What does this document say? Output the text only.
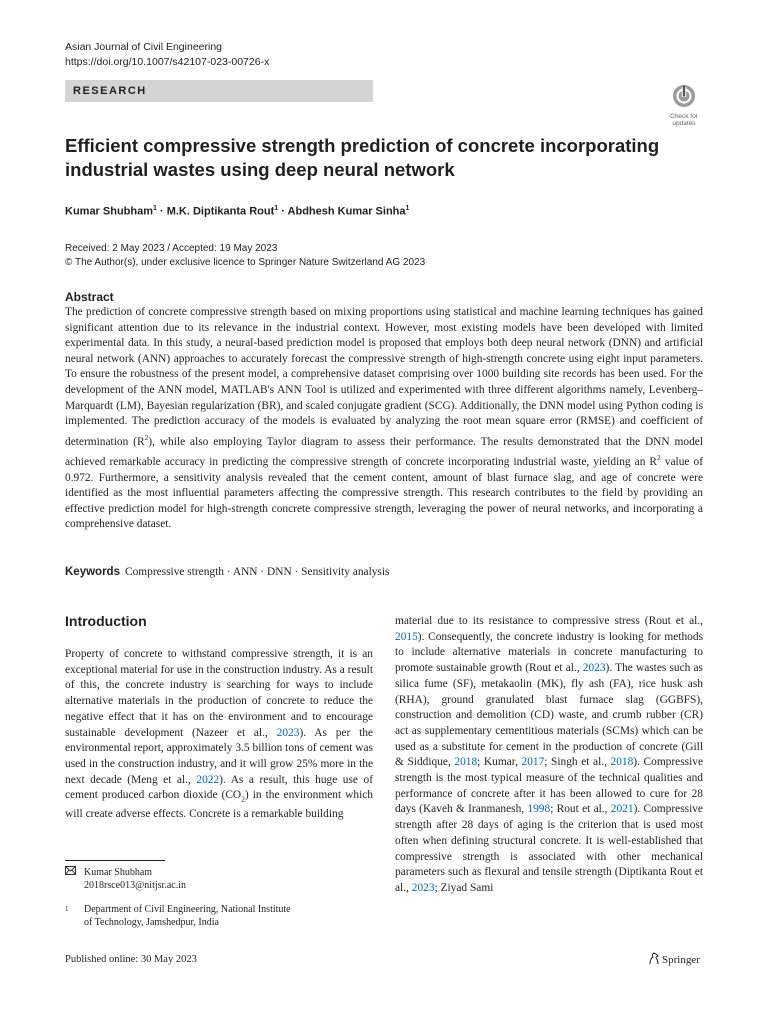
Asian Journal of Civil Engineering
https://doi.org/10.1007/s42107-023-00726-x
RESEARCH
Check for
updates
Efficient compressive strength prediction of concrete incorporating
industrial wastes using deep neural network
Kumar Shubham$^1$ · M.K. Diptikanta Rout$^1$ · Abdhesh Kumar Sinha$^1$
Received: 2 May 2023 / Accepted: 19 May 2023
© The Author(s), under exclusive licence to Springer Nature Switzerland AG 2023
Abstract
The prediction of concrete compressive strength based on mixing proportions using statistical and machine learning techniques has gained significant attention due to its relevance in the industrial context. However, most existing models have been developed with limited experimental data. In this study, a neural-based prediction model is proposed that employs both deep neural network (DNN) and artificial neural network (ANN) approaches to accurately forecast the compressive strength of high-strength concrete using eight input parameters. To ensure the robustness of the present model, a comprehensive dataset comprising over 1000 building site records has been used. For the development of the ANN model, MATLAB's ANN Tool is utilized and experimented with three different algorithms namely, Levenberg–Marquardt (LM), Bayesian regularization (BR), and scaled conjugate gradient (SCG). Additionally, the DNN model using Python coding is implemented. The prediction accuracy of the models is evaluated by analyzing the root mean square error (RMSE) and coefficient of determination $(R^2)$, while also employing Taylor diagram to assess their performance. The results demonstrated that the DNN model achieved remarkable accuracy in predicting the compressive strength of concrete incorporating industrial waste, yielding an $R^2$ value of 0.972. Furthermore, a sensitivity analysis revealed that the cement content, amount of blast furnace slag, and age of concrete were identified as the most influential parameters affecting the compressive strength. This research contributes to the field by providing an effective prediction model for high-strength concrete compressive strength, leveraging the power of neural networks, and incorporating a comprehensive dataset.
Keywords Compressive strength · ANN · DNN · Sensitivity analysis
Introduction
Property of concrete to withstand compressive strength, it is an exceptional material for use in the construction industry. As a result of this, the concrete industry is searching for ways to include alternative materials in the production of concrete to reduce the negative effect that it has on the environment and to encourage sustainable development (Nazeer et al., 2023). As per the environmental report, approximately 3.5 billion tons of cement was used in the construction industry, and it will grow 25% more in the next decade (Meng et al., 2022). As a result, this huge use of cement produced carbon dioxide $(CO_2)$ in the environment which will create adverse effects. Concrete is a remarkable building
material due to its resistance to compressive stress (Rout et al., 2015). Consequently, the concrete industry is looking for methods to include alternative materials in concrete manufacturing to promote sustainable growth (Rout et al., 2023). The wastes such as silica fume (SF), metakaolin (MK), fly ash (FA), rice husk ash (RHA), ground granulated blast furnace slag (GGBFS), construction and demolition (CD) waste, and crumb rubber (CR) act as supplementary cementitious materials (SCMs) which can be used as a substitute for cement in the production of concrete (Gill & Siddique, 2018; Kumar, 2017; Singh et al., 2018). Compressive strength is the most typical measure of the technical qualities and performance of concrete after it has been allowed to cure for 28 days (Kaveh & Iranmanesh, 1998; Rout et al., 2021). Compressive strength after 28 days of aging is the criterion that is used most often when defining structural concrete. It is well-established that compressive strength is associated with other mechanical parameters such as flexural and tensile strength (Diptikanta Rout et al., 2023; Ziyad Sami
Kumar Shubham
2018rsce013@nitjsr.ac.in
1 Department of Civil Engineering, National Institute
of Technology, Jamshedpur, India
Published online: 30 May 2023	Springer
